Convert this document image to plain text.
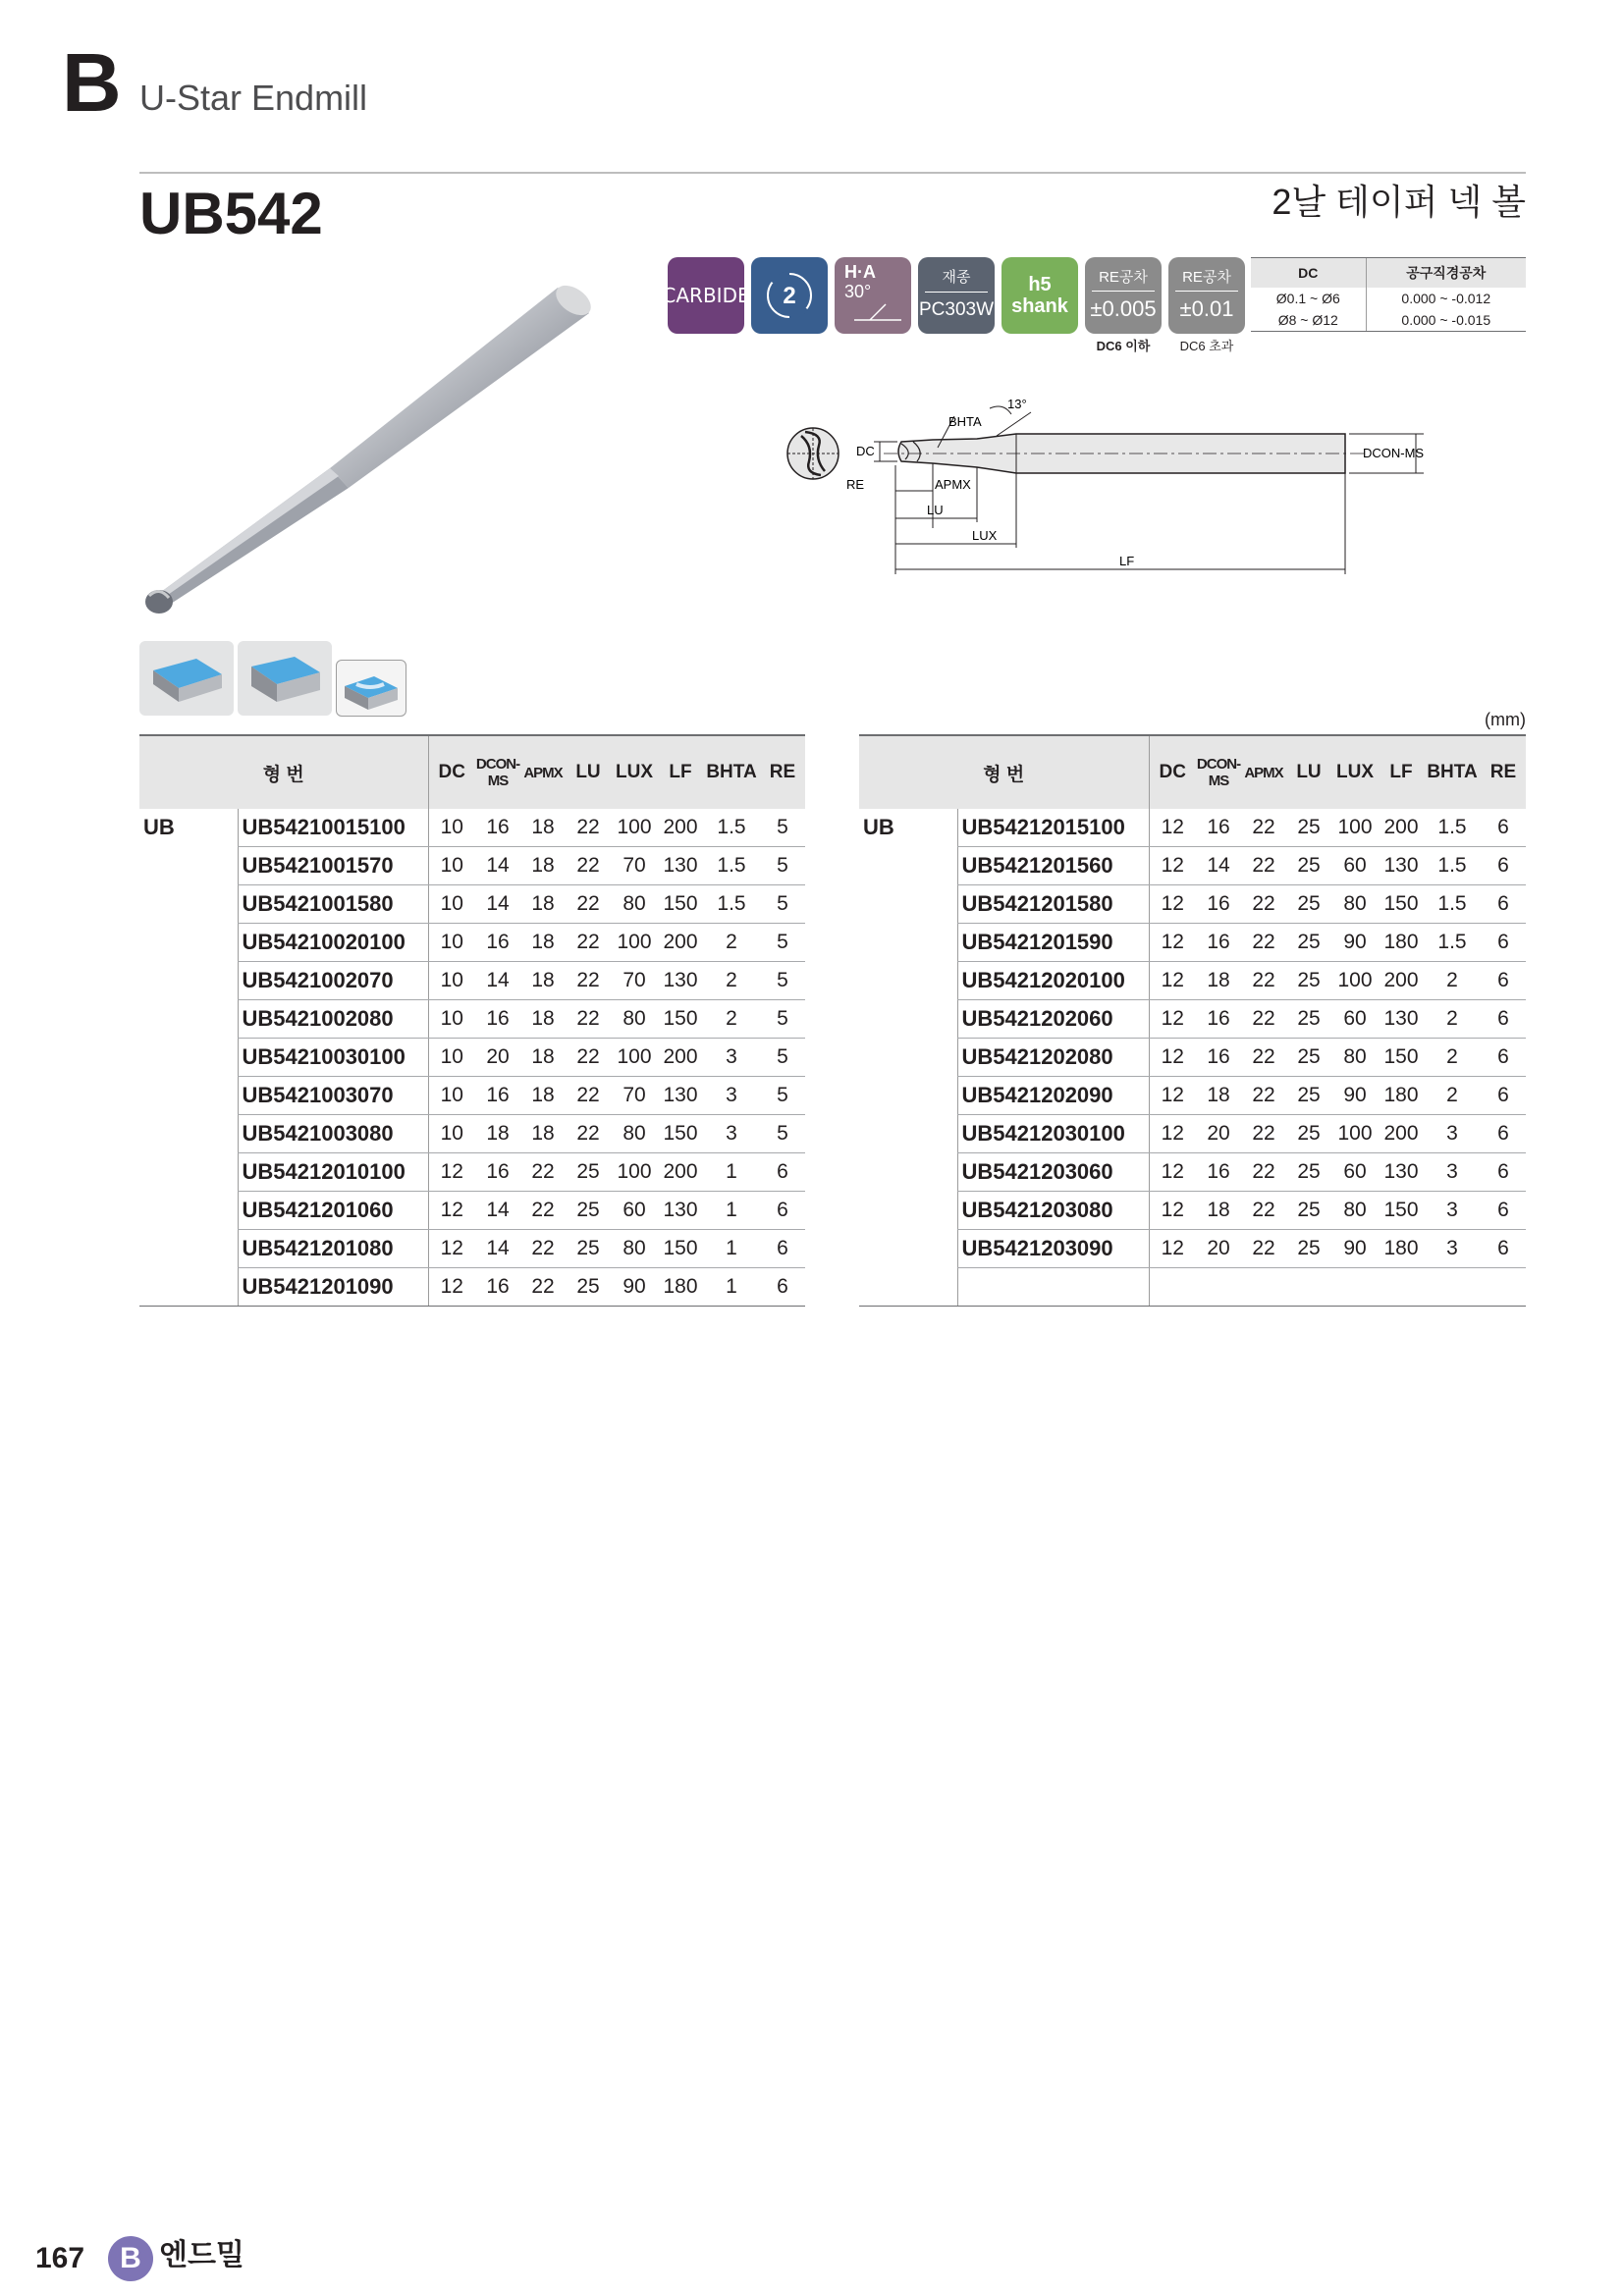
B U-Star Endmill
UB542	2날 테이퍼 넥 볼
CARBIDE 2
H·A
30°
재종
PC303W
h5
shank
RE공차
±0.005
DC6 이하
RE공차
±0.01
DC6 초과
DC	공구직경공차
Ø0.1 ~ Ø6	0.000 ~ -0.012
Ø8 ~ Ø12	0.000 ~ -0.015
BHTA
13°
DC
RE	APMX
LU
LUX
LF
DCON-MS
(mm)
형 번		DC	DCON-MS	APMX	LU	LUX	LF	BHTA	RE
UB	UB54210015100	10	16	18	22	100	200	1.5	5
	UB5421001570	10	14	18	22	70	130	1.5	5
	UB5421001580	10	14	18	22	80	150	1.5	5
	UB54210020100	10	16	18	22	100	200	2	5
	UB5421002070	10	14	18	22	70	130	2	5
	UB5421002080	10	16	18	22	80	150	2	5
	UB54210030100	10	20	18	22	100	200	3	5
	UB5421003070	10	16	18	22	70	130	3	5
	UB5421003080	10	18	18	22	80	150	3	5
	UB54212010100	12	16	22	25	100	200	1	6
	UB5421201060	12	14	22	25	60	130	1	6
	UB5421201080	12	14	22	25	80	150	1	6
	UB5421201090	12	16	22	25	90	180	1	6
형 번		DC	DCON-MS	APMX	LU	LUX	LF	BHTA	RE
UB	UB54212015100	12	16	22	25	100	200	1.5	6
	UB5421201560	12	14	22	25	60	130	1.5	6
	UB5421201580	12	16	22	25	80	150	1.5	6
	UB5421201590	12	16	22	25	90	180	1.5	6
	UB54212020100	12	18	22	25	100	200	2	6
	UB5421202060	12	16	22	25	60	130	2	6
	UB5421202080	12	16	22	25	80	150	2	6
	UB5421202090	12	18	22	25	90	180	2	6
	UB54212030100	12	20	22	25	100	200	3	6
	UB5421203060	12	16	22	25	60	130	3	6
	UB5421203080	12	18	22	25	80	150	3	6
	UB5421203090	12	20	22	25	90	180	3	6

167	B 엔드밀
